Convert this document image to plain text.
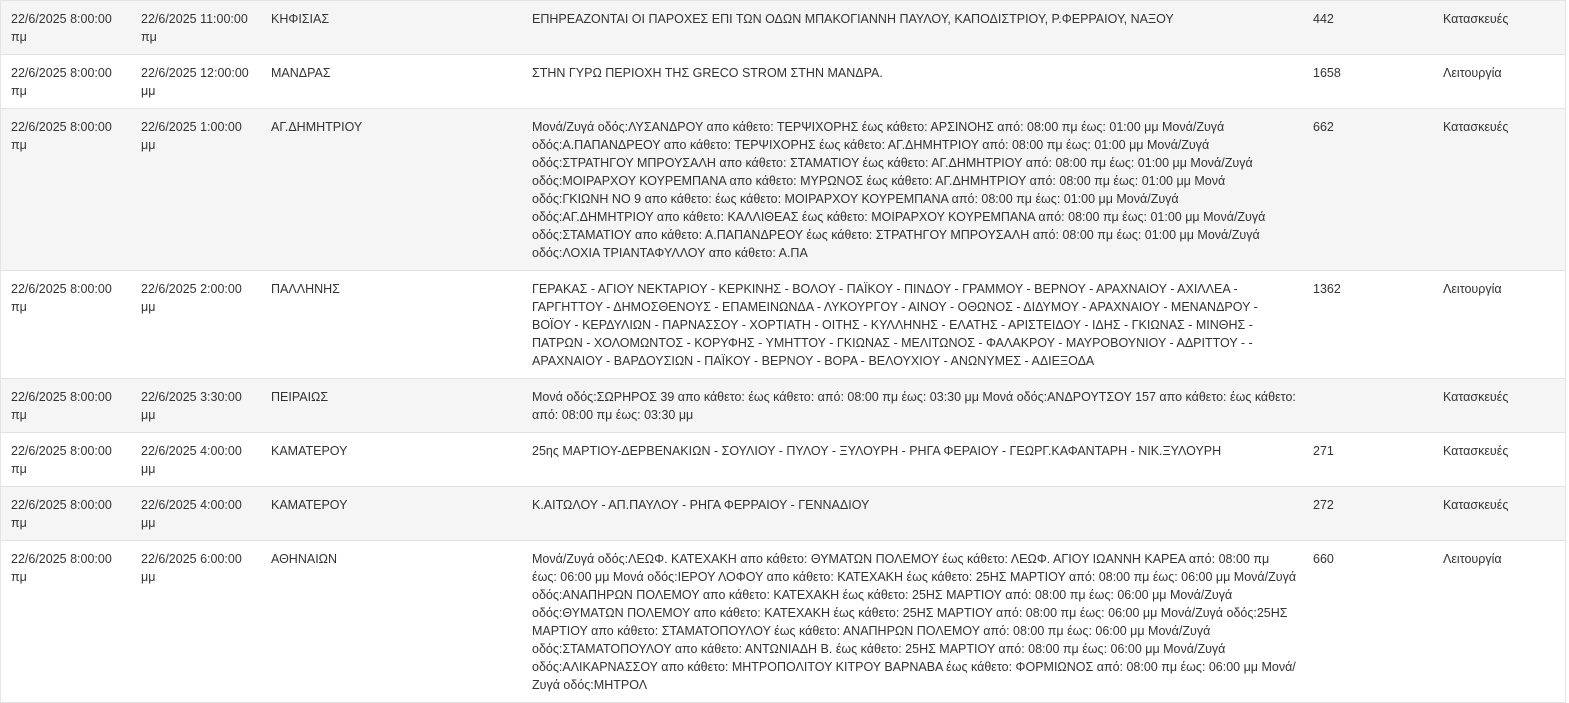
22/6/2025 8:00:00 πμ	22/6/2025 11:00:00 πμ	ΚΗΦΙΣΙΑΣ	ΕΠΗΡΕΑΖΟΝΤΑΙ ΟΙ ΠΑΡΟΧΕΣ ΕΠΙ ΤΩΝ ΟΔΩΝ ΜΠΑΚΟΓΙΑΝΝΗ ΠΑΥΛΟΥ, ΚΑΠΟΔΙΣΤΡΙΟΥ, Ρ.ΦΕΡΡΑΙΟΥ, ΝΑΞΟΥ	442	Κατασκευές
22/6/2025 8:00:00 πμ	22/6/2025 12:00:00 μμ	ΜΑΝΔΡΑΣ	ΣΤΗΝ ΓΥΡΩ ΠΕΡΙΟΧΗ ΤΗΣ GRECO STROM ΣΤΗΝ ΜΑΝΔΡΑ.	1658	Λειτουργία
22/6/2025 8:00:00 πμ	22/6/2025 1:00:00 μμ	ΑΓ.ΔΗΜΗΤΡΙΟΥ	Μονά/Ζυγά οδός:ΛΥΣΑΝΔΡΟΥ απο κάθετο: ΤΕΡΨΙΧΟΡΗΣ έως κάθετο: ΑΡΣΙΝΟΗΣ από: 08:00 πμ έως: 01:00 μμ Μονά/Ζυγά οδός:Α.ΠΑΠΑΝΔΡΕΟΥ απο κάθετο: ΤΕΡΨΙΧΟΡΗΣ έως κάθετο: ΑΓ.ΔΗΜΗΤΡΙΟΥ από: 08:00 πμ έως: 01:00 μμ Μονά/Ζυγά οδός:ΣΤΡΑΤΗΓΟΥ ΜΠΡΟΥΣΑΛΗ απο κάθετο: ΣΤΑΜΑΤΙΟΥ έως κάθετο: ΑΓ.ΔΗΜΗΤΡΙΟΥ από: 08:00 πμ έως: 01:00 μμ Μονά/Ζυγά οδός:ΜΟΙΡΑΡΧΟΥ ΚΟΥΡΕΜΠΑΝΑ απο κάθετο: ΜΥΡΩΝΟΣ έως κάθετο: ΑΓ.ΔΗΜΗΤΡΙΟΥ από: 08:00 πμ έως: 01:00 μμ Μονά οδός:ΓΚΙΩΝΗ ΝΟ 9 απο κάθετο: έως κάθετο: ΜΟΙΡΑΡΧΟΥ ΚΟΥΡΕΜΠΑΝΑ από: 08:00 πμ έως: 01:00 μμ Μονά/Ζυγά οδός:ΑΓ.ΔΗΜΗΤΡΙΟΥ απο κάθετο: ΚΑΛΛΙΘΕΑΣ έως κάθετο: ΜΟΙΡΑΡΧΟΥ ΚΟΥΡΕΜΠΑΝΑ από: 08:00 πμ έως: 01:00 μμ Μονά/Ζυγά οδός:ΣΤΑΜΑΤΙΟΥ απο κάθετο: Α.ΠΑΠΑΝΔΡΕΟΥ έως κάθετο: ΣΤΡΑΤΗΓΟΥ ΜΠΡΟΥΣΑΛΗ από: 08:00 πμ έως: 01:00 μμ Μονά/Ζυγά οδός:ΛΟΧΙΑ ΤΡΙΑΝΤΑΦΥΛΛΟΥ απο κάθετο: Α.ΠΑ	662	Κατασκευές
22/6/2025 8:00:00 πμ	22/6/2025 2:00:00 μμ	ΠΑΛΛΗΝΗΣ	ΓΕΡΑΚΑΣ - ΑΓΙΟΥ ΝΕΚΤΑΡΙΟΥ - ΚΕΡΚΙΝΗΣ - ΒΟΛΟΥ - ΠΑΪΚΟΥ - ΠΙΝΔΟΥ - ΓΡΑΜΜΟΥ - ΒΕΡΝΟΥ - ΑΡΑΧΝΑΙΟΥ - ΑΧΙΛΛΕΑ - ΓΑΡΓΗΤΤΟΥ - ΔΗΜΟΣΘΕΝΟΥΣ - ΕΠΑΜΕΙΝΩΝΔΑ - ΛΥΚΟΥΡΓΟΥ - ΑΙΝΟΥ - ΟΘΩΝΟΣ - ΔΙΔΥΜΟΥ - ΑΡΑΧΝΑΙΟΥ - ΜΕΝΑΝΔΡΟΥ - ΒΟΪΟΥ - ΚΕΡΔΥΛΙΩΝ - ΠΑΡΝΑΣΣΟΥ - ΧΟΡΤΙΑΤΗ - ΟΙΤΗΣ - ΚΥΛΛΗΝΗΣ - ΕΛΑΤΗΣ - ΑΡΙΣΤΕΙΔΟΥ - ΙΔΗΣ - ΓΚΙΩΝΑΣ - ΜΙΝΘΗΣ - ΠΑΤΡΩΝ - ΧΟΛΟΜΩΝΤΟΣ - ΚΟΡΥΦΗΣ - ΥΜΗΤΤΟΥ - ΓΚΙΩΝΑΣ - ΜΕΛΙΤΩΝΟΣ - ΦΑΛΑΚΡΟΥ - ΜΑΥΡΟΒΟΥΝΙΟΥ - ΑΔΡΙΤΤΟΥ - - ΑΡΑΧΝΑΙΟΥ - ΒΑΡΔΟΥΣΙΩΝ - ΠΑΪΚΟΥ - ΒΕΡΝΟΥ - ΒΟΡΑ - ΒΕΛΟΥΧΙΟΥ - ΑΝΩΝΥΜΕΣ - ΑΔΙΕΞΟΔΑ	1362	Λειτουργία
22/6/2025 8:00:00 πμ	22/6/2025 3:30:00 μμ	ΠΕΙΡΑΙΩΣ	Μονά οδός:ΣΩΡΗΡΟΣ 39 απο κάθετο: έως κάθετο: από: 08:00 πμ έως: 03:30 μμ Μονά οδός:ΑΝΔΡΟΥΤΣΟΥ 157 απο κάθετο: έως κάθετο: από: 08:00 πμ έως: 03:30 μμ		Κατασκευές
22/6/2025 8:00:00 πμ	22/6/2025 4:00:00 μμ	ΚΑΜΑΤΕΡΟΥ	25ης ΜΑΡΤΙΟΥ-ΔΕΡΒΕΝΑΚΙΩΝ - ΣΟΥΛΙΟΥ - ΠΥΛΟΥ - ΞΥΛΟΥΡΗ - ΡΗΓΑ ΦΕΡΑΙΟΥ - ΓΕΩΡΓ.ΚΑΦΑΝΤΑΡΗ - ΝΙΚ.ΞΥΛΟΥΡΗ	271	Κατασκευές
22/6/2025 8:00:00 πμ	22/6/2025 4:00:00 μμ	ΚΑΜΑΤΕΡΟΥ	Κ.ΑΙΤΩΛΟΥ - ΑΠ.ΠΑΥΛΟΥ - ΡΗΓΑ ΦΕΡΡΑΙΟΥ - ΓΕΝΝΑΔΙΟΥ	272	Κατασκευές
22/6/2025 8:00:00 πμ	22/6/2025 6:00:00 μμ	ΑΘΗΝΑΙΩΝ	Μονά/Ζυγά οδός:ΛΕΩΦ. ΚΑΤΕΧΑΚΗ απο κάθετο: ΘΥΜΑΤΩΝ ΠΟΛΕΜΟΥ έως κάθετο: ΛΕΩΦ. ΑΓΙΟΥ ΙΩΑΝΝΗ ΚΑΡΕΑ από: 08:00 πμ έως: 06:00 μμ Μονά οδός:ΙΕΡΟΥ ΛΟΦΟΥ απο κάθετο: ΚΑΤΕΧΑΚΗ έως κάθετο: 25ΗΣ ΜΑΡΤΙΟΥ από: 08:00 πμ έως: 06:00 μμ Μονά/Ζυγά οδός:ΑΝΑΠΗΡΩΝ ΠΟΛΕΜΟΥ απο κάθετο: ΚΑΤΕΧΑΚΗ έως κάθετο: 25ΗΣ ΜΑΡΤΙΟΥ από: 08:00 πμ έως: 06:00 μμ Μονά/Ζυγά οδός:ΘΥΜΑΤΩΝ ΠΟΛΕΜΟΥ απο κάθετο: ΚΑΤΕΧΑΚΗ έως κάθετο: 25ΗΣ ΜΑΡΤΙΟΥ από: 08:00 πμ έως: 06:00 μμ Μονά/Ζυγά οδός:25ΗΣ ΜΑΡΤΙΟΥ απο κάθετο: ΣΤΑΜΑΤΟΠΟΥΛΟΥ έως κάθετο: ΑΝΑΠΗΡΩΝ ΠΟΛΕΜΟΥ από: 08:00 πμ έως: 06:00 μμ Μονά/Ζυγά οδός:ΣΤΑΜΑΤΟΠΟΥΛΟΥ απο κάθετο: ΑΝΤΩΝΙΑΔΗ Β. έως κάθετο: 25ΗΣ ΜΑΡΤΙΟΥ από: 08:00 πμ έως: 06:00 μμ Μονά/Ζυγά οδός:ΑΛΙΚΑΡΝΑΣΣΟΥ απο κάθετο: ΜΗΤΡΟΠΟΛΙΤΟΥ ΚΙΤΡΟΥ ΒΑΡΝΑΒΑ έως κάθετο: ΦΟΡΜΙΩΝΟΣ από: 08:00 πμ έως: 06:00 μμ Μονά/Ζυγά οδός:ΜΗΤΡΟΛ	660	Λειτουργία
